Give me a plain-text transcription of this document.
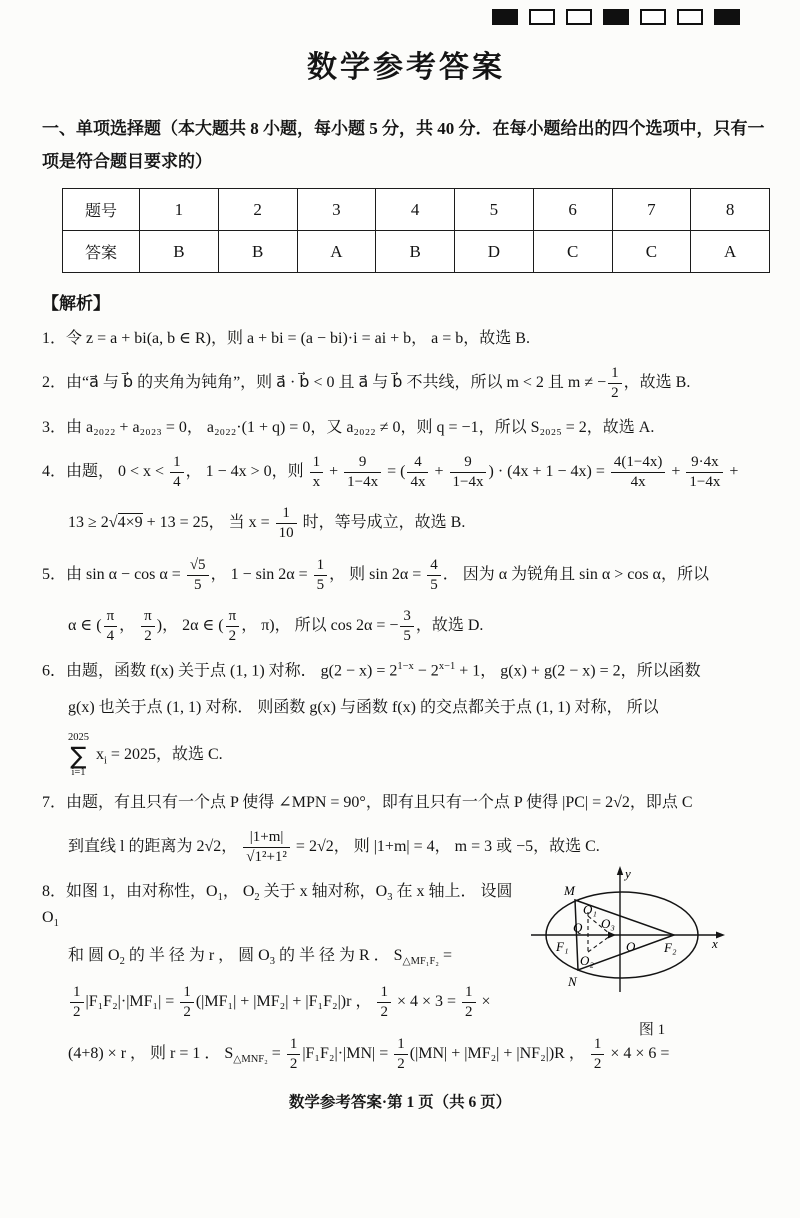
数学参考答案

一、单项选择题（本大题共 8 小题，每小题 5 分，共 40 分．在每小题给出的四个选项中，只有一项是符合题目要求的）

题号	1	2	3	4	5	6	7	8
答案	B	B	A	B	D	C	C	A

【解析】

1．令 z = a + bi(a, b ∈ R)，则 a + bi = (a − bi)·i = ai + b， a = b，故选 B.
2．由“a⃗ 与 b⃗ 的夹角为钝角”，则 a⃗ · b⃗ < 0 且 a⃗ 与 b⃗ 不共线，所以 m < 2 且 m ≠ − $\frac{1}{2}$ ，故选 B.
3．由 a₂₀₂₂ + a₂₀₂₃ = 0， a₂₀₂₂·(1 + q) = 0，又 a₂₀₂₂ ≠ 0，则 q = −1，所以 S₂₀₂₅ = 2，故选 A.
4．由题， $0 < x < \frac{1}{4}$ ， 1 − 4x > 0，则 $\frac{1}{x} + \frac{9}{1-4x}$ = ( $\frac{4}{4x} + \frac{9}{1-4x}$ ) · $(4x + 1 - 4x) = \frac{4(1-4x)}{4x} + \frac{9\cdot 4x}{1-4x}$ +
13 ≥ 2√4×9 + 13 = 25， 当 $x = \frac{1}{10}$ 时，等号成立，故选 B.
5．由 $\sin \alpha - \cos \alpha = \frac{√5}{5}$ ， $1 - \sin 2\alpha = \frac{1}{5}$ ， 则 $\sin 2\alpha = \frac{4}{5}$ ． 因为 α 为锐角且 sin α > cos α，所以
α ∈ ( $\frac{\pi}{4}$ ， $\frac{\pi}{2}$ )， 2α ∈ ( $\frac{\pi}{2}$ ， π)， 所以 cos 2α = − $\frac{3}{5}$ ，故选 D.
6．由题，函数 f(x) 关于点 (1, 1) 对称． $g(2 - x) = 2^{1-x} - 2^{x-1} + 1$， g(x) + g(2 − x) = 2，所以函数
g(x) 也关于点 (1, 1) 对称． 则函数 g(x) 与函数 f(x) 的交点都关于点 (1, 1) 对称， 所以
2025
∑
i=1
$x_i = 2025$，故选 C.
7．由题，有且只有一个点 P 使得 ∠MPN = 90°，即有且只有一个点 P 使得 |PC| = 2√2，即点 C
到直线 l 的距离为 2√2， $\frac{|1+m|}{\text{√1²+1²}} = 2√2$， 则 |1+m| = 4， m = 3 或 −5，故选 C.
M
N
F₁	F₂
O
O₁
O₂
O₃
Q
x
y
图 1
8．如图 1，由对称性，$O_1$， $O_2$ 关于 x 轴对称，$O_3$ 在 x 轴上． 设圆 $O_1$
和 圆 $O_2$ 的 半 径 为 r ， 圆 $O_3$ 的 半 径 为 R ． $S_{\triangle MF_1F_2}$ =
$\frac{1}{2} |F_1F_2|\cdot|MF_1| = \frac{1}{2} (|MF_1| + |MF_2| + |F_1F_2|)r$ ， $\frac{1}{2} \times 4 \times 3 = \frac{1}{2}$ ×
(4+8) × r ， 则 r = 1 ． $S_{\triangle MNF_2} = \frac{1}{2} |F_1F_2|\cdot|MN| = \frac{1}{2} (|MN| + |MF_2| + |NF_2|)R$ ， $\frac{1}{2} \times 4 \times 6$ =
数学参考答案·第 1 页（共 6 页）
